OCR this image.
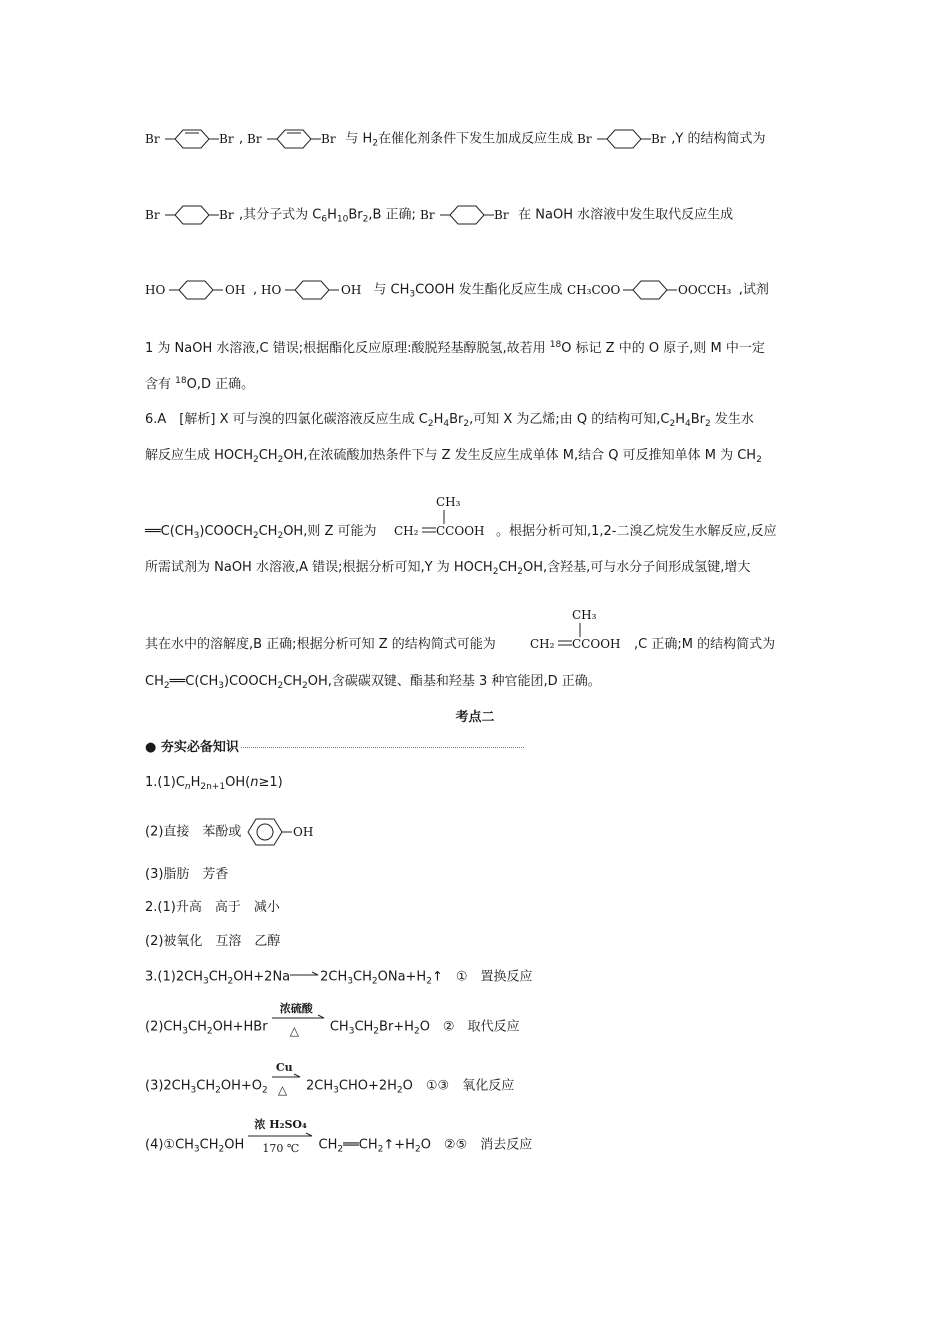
Br	Br , Br	Br 与 $H_2$在催化剂条件下发生加成反应生成 Br	Br ,Y 的结构简式为
Br	Br ,其分子式为 $C_6H_{10}Br_2,B$ 正确; Br	Br 在 NaOH 水溶液中发生取代反应生成
HO	OH , HO	OH 与 $CH_3COOH$ 发生酯化反应生成 CH₃COO	OOCCH₃ ,试剂
1 为 NaOH 水溶液,C 错误;根据酯化反应原理:酸脱羟基醇脱氢,故若用 $^{18}$O 标记 Z 中的 O 原子,则 M 中一定
含有 $^{18}$O,D 正确。
6.A　[解析] X 可与溴的四氯化碳溶液反应生成 $C_2H_4Br_2$,可知 X 为乙烯;由 Q 的结构可知$,C_2H_4Br_2$ 发生水
解反应生成 $HOCH_2CH_2OH$,在浓硫酸加热条件下与 Z 发生反应生成单体 M,结合 Q 可反推知单体 M 为 $CH_2$
$══C(CH_3)COOCH_2CH_2OH$,则 Z 可能为
CH₃
CH₂ CCOOH 。根据分析可知,1,2-二溴乙烷发生水解反应,反应
所需试剂为 NaOH 水溶液,A 错误;根据分析可知,Y 为 $HOCH_2CH_2OH$,含羟基,可与水分子间形成氢键,增大
其在水中的溶解度,B 正确;根据分析可知 Z 的结构简式可能为
CH₃
CH₂ CCOOH ,C 正确;M 的结构简式为
$CH_2══C(CH_3)COOCH_2CH_2OH$,含碳碳双键、酯基和羟基 3 种官能团,D 正确。
考点二
● 夯实必备知识
$1.(1)C_nH_{2n+1}OH(n\ge 1)$
(2)直接　苯酚或	OH
(3)脂肪　芳香
2.(1)升高　高于　减小
(2)被氧化　互溶　乙醇
$3.(1)2CH_3CH_2OH+2Na\to 2CH_3CH_2ONa+H_2↑$　①　置换反应
$(2)CH_3CH_2OH+HBr$
浓硫酸
△ $CH_3CH_2Br+H_2O$　②　取代反应
$(3)2CH_3CH_2OH+O_2$
Cu
△ $2CH_3CHO+2H_2O$　①③　氧化反应
$(4)①CH_3CH_2OH$
浓 H₂SO₄
170 ℃ $CH_2══CH_2↑+H_2O$　②⑤　消去反应
